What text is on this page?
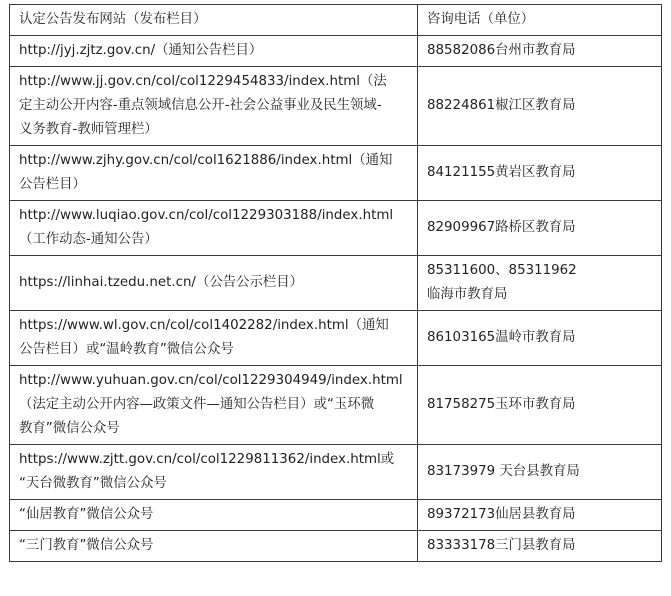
认定公告发布网站（发布栏目）	咨询电话（单位）

http://jyj.zjtz.gov.cn/（通知公告栏目）	88582086台州市教育局

http://www.jj.gov.cn/col/col1229454833/index.html（法
定主动公开内容-重点领域信息公开-社会公益事业及民生领域-
义务教育-教师管理栏）	88224861椒江区教育局

http://www.zjhy.gov.cn/col/col1621886/index.html（通知
公告栏目）	84121155黄岩区教育局

http://www.luqiao.gov.cn/col/col1229303188/index.html
（工作动态-通知公告）	82909967路桥区教育局

https://linhai.tzedu.net.cn/（公告公示栏目）	85311600、85311962
临海市教育局

https://www.wl.gov.cn/col/col1402282/index.html（通知
公告栏目）或“温岭教育”微信公众号	86103165温岭市教育局

http://www.yuhuan.gov.cn/col/col1229304949/index.html
（法定主动公开内容—政策文件—通知公告栏目）或“玉环微
教育”微信公众号	81758275玉环市教育局

https://www.zjtt.gov.cn/col/col1229811362/index.html或
“天台微教育”微信公众号	83173979 天台县教育局

“仙居教育”微信公众号	89372173仙居县教育局

“三门教育”微信公众号	83333178三门县教育局
